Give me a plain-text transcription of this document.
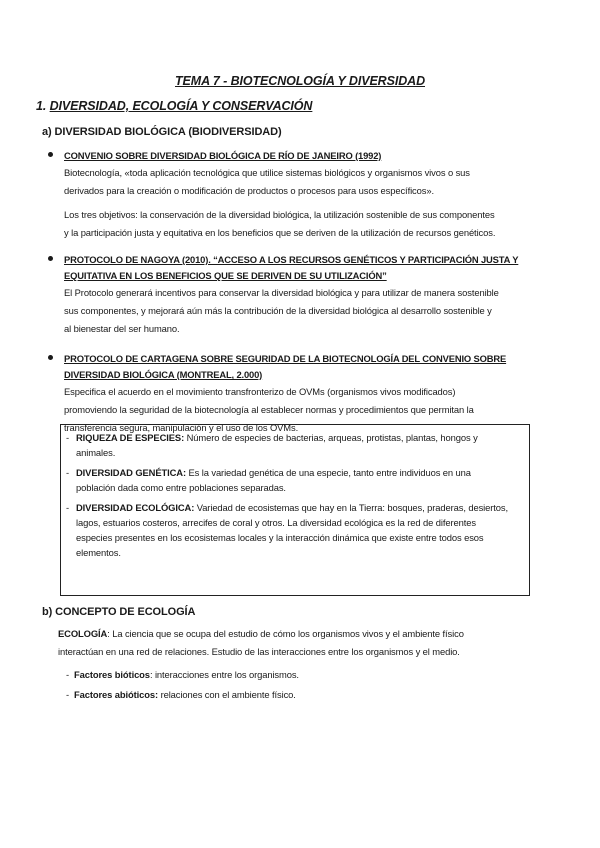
TEMA 7 - BIOTECNOLOGÍA Y DIVERSIDAD
1. DIVERSIDAD, ECOLOGÍA Y CONSERVACIÓN
a) DIVERSIDAD BIOLÓGICA (BIODIVERSIDAD)
CONVENIO SOBRE DIVERSIDAD BIOLÓGICA DE RÍO DE JANEIRO (1992)
Biotecnología, «toda aplicación tecnológica que utilice sistemas biológicos y organismos vivos o sus
derivados para la creación o modificación de productos o procesos para usos específicos».
Los tres objetivos: la conservación de la diversidad biológica, la utilización sostenible de sus componentes
y la participación justa y equitativa en los beneficios que se deriven de la utilización de recursos genéticos.
PROTOCOLO DE NAGOYA (2010). “ACCESO A LOS RECURSOS GENÉTICOS Y PARTICIPACIÓN JUSTA Y
EQUITATIVA EN LOS BENEFICIOS QUE SE DERIVEN DE SU UTILIZACIÓN”
El Protocolo generará incentivos para conservar la diversidad biológica y para utilizar de manera sostenible
sus componentes, y mejorará aún más la contribución de la diversidad biológica al desarrollo sostenible y
al bienestar del ser humano.
PROTOCOLO DE CARTAGENA SOBRE SEGURIDAD DE LA BIOTECNOLOGÍA DEL CONVENIO SOBRE
DIVERSIDAD BIOLÓGICA (MONTREAL, 2.000)
Especifica el acuerdo en el movimiento transfronterizo de OVMs (organismos vivos modificados)
promoviendo la seguridad de la biotecnología al establecer normas y procedimientos que permitan la
transferencia segura, manipulación y el uso de los OVMs.
- RIQUEZA DE ESPECIES: Número de especies de bacterias, arqueas, protistas, plantas, hongos y
animales.
- DIVERSIDAD GENÉTICA: Es la variedad genética de una especie, tanto entre individuos en una
población dada como entre poblaciones separadas.
- DIVERSIDAD ECOLÓGICA: Variedad de ecosistemas que hay en la Tierra: bosques, praderas, desiertos,
lagos, estuarios costeros, arrecifes de coral y otros. La diversidad ecológica es la red de diferentes
especies presentes en los ecosistemas locales y la interacción dinámica que existe entre todos esos
elementos.
b) CONCEPTO DE ECOLOGÍA
ECOLOGÍA: La ciencia que se ocupa del estudio de cómo los organismos vivos y el ambiente físico
interactúan en una red de relaciones. Estudio de las interacciones entre los organismos y el medio.
- Factores bióticos: interacciones entre los organismos.
- Factores abióticos: relaciones con el ambiente físico.
